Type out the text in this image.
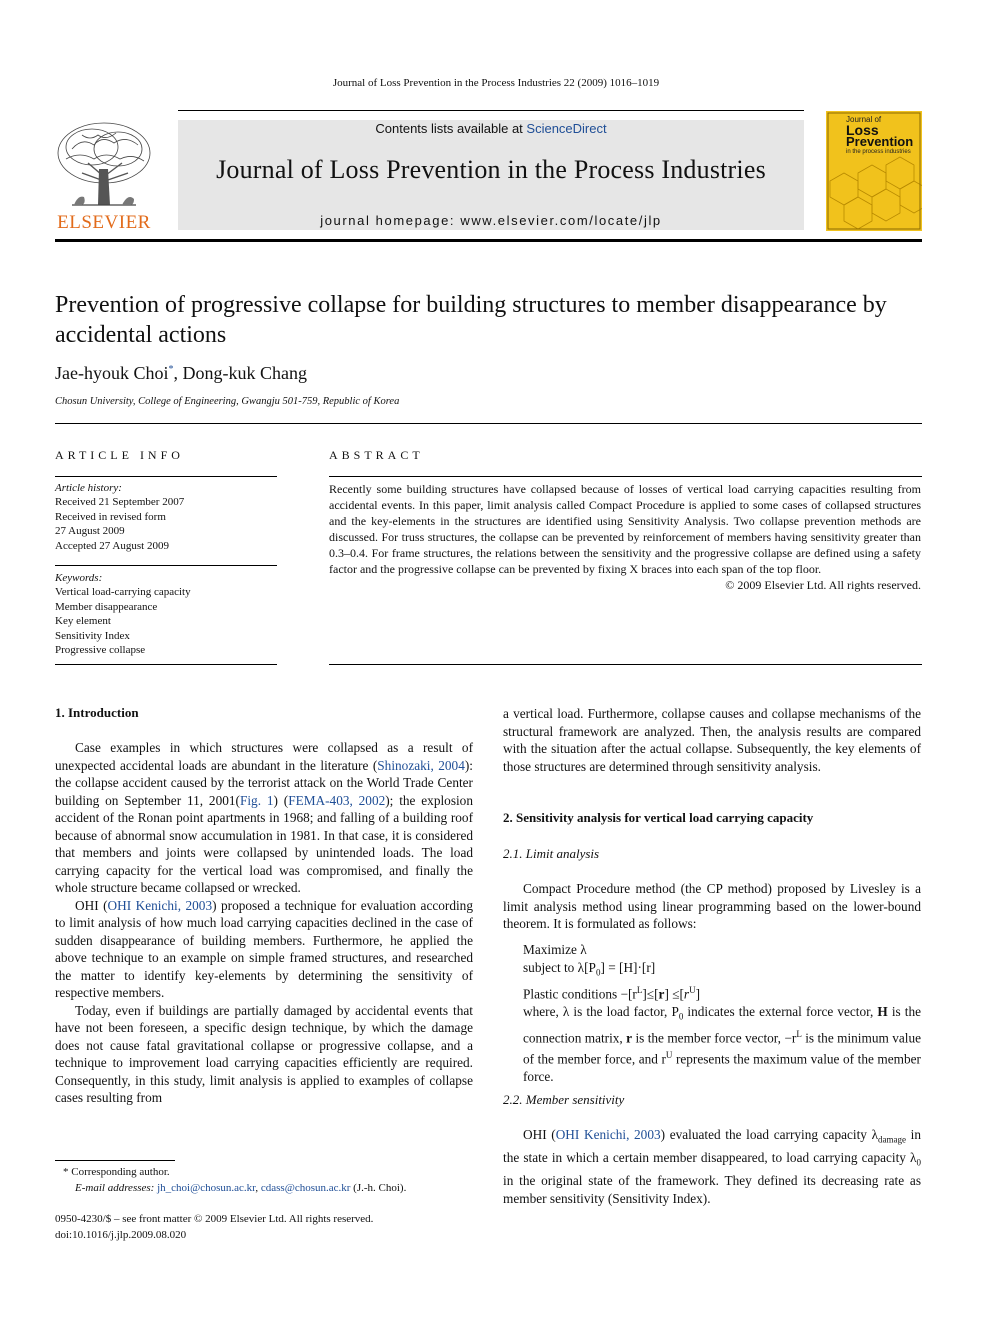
Journal of Loss Prevention in the Process Industries 22 (2009) 1016–1019
ELSEVIER
Contents lists available at ScienceDirect
Journal of Loss Prevention in the Process Industries
journal homepage: www.elsevier.com/locate/jlp
Journal of
Loss
Prevention
in the process industries
Prevention of progressive collapse for building structures to member disappearance by accidental actions
Jae-hyouk Choi*, Dong-kuk Chang
Chosun University, College of Engineering, Gwangju 501-759, Republic of Korea
ARTICLE INFO
Article history:
Received 21 September 2007
Received in revised form
27 August 2009
Accepted 27 August 2009
Keywords:
Vertical load-carrying capacity
Member disappearance
Key element
Sensitivity Index
Progressive collapse
ABSTRACT
Recently some building structures have collapsed because of losses of vertical load carrying capacities resulting from accidental events. In this paper, limit analysis called Compact Procedure is applied to some cases of collapsed structures and the key-elements in the structures are identified using Sensitivity Analysis. Two collapse prevention methods are discussed. For truss structures, the collapse can be prevented by reinforcement of members having sensitivity greater than 0.3–0.4. For frame structures, the relations between the sensitivity and the progressive collapse are defined using a safety factor and the progressive collapse can be prevented by fixing X braces into each span of the top floor.
© 2009 Elsevier Ltd. All rights reserved.
1. Introduction

Case examples in which structures were collapsed as a result of unexpected accidental loads are abundant in the literature (Shinozaki, 2004): the collapse accident caused by the terrorist attack on the World Trade Center building on September 11, 2001(Fig. 1) (FEMA-403, 2002); the explosion accident of the Ronan point apartments in 1968; and falling of a building roof because of abnormal snow accumulation in 1981. In that case, it is considered that members and joints were collapsed by unintended loads. The load carrying capacity for the vertical load was compromised, and finally the whole structure became collapsed or wrecked.

OHI (OHI Kenichi, 2003) proposed a technique for evaluation according to limit analysis of how much load carrying capacities declined in the case of sudden disappearance of building members. Furthermore, he applied the above technique to an example on simple framed structures, and researched the matter to identify key-elements by determining the sensitivity of respective members.

Today, even if buildings are partially damaged by accidental events that have not been foreseen, a specific design technique, by which the damage does not cause fatal gravitational collapse or progressive collapse, and a technique to improvement load carrying capacities efficiently are required. Consequently, in this study, limit analysis is applied to examples of collapse cases resulting from

a vertical load. Furthermore, collapse causes and collapse mechanisms of the structural framework are analyzed. Then, the analysis results are compared with the situation after the actual collapse. Subsequently, the key elements of those structures are determined through sensitivity analysis.
2. Sensitivity analysis for vertical load carrying capacity
2.1. Limit analysis

Compact Procedure method (the CP method) proposed by Livesley is a limit analysis method using linear programming based on the lower-bound theorem. It is formulated as follows:

Maximize λ
subject to $\lambda[P_0] = [H]\cdot[r]$
Plastic conditions $-[r^L]\le[r] \le[r^U]$
where, λ is the load factor, $P_0$ indicates the external force vector, H is the connection matrix, r is the member force vector, $-r^L$ is the minimum value of the member force, and $r^U$ represents the maximum value of the member force.
2.2. Member sensitivity

OHI (OHI Kenichi, 2003) evaluated the load carrying capacity $\lambda_{damage}$ in the state in which a certain member disappeared, to load carrying capacity $\lambda_0$ in the original state of the framework. They defined its decreasing rate as member sensitivity (Sensitivity Index).

* Corresponding author.
E-mail addresses: jh_choi@chosun.ac.kr, cdass@chosun.ac.kr (J.-h. Choi).
0950-4230/$ – see front matter © 2009 Elsevier Ltd. All rights reserved.
doi:10.1016/j.jlp.2009.08.020
